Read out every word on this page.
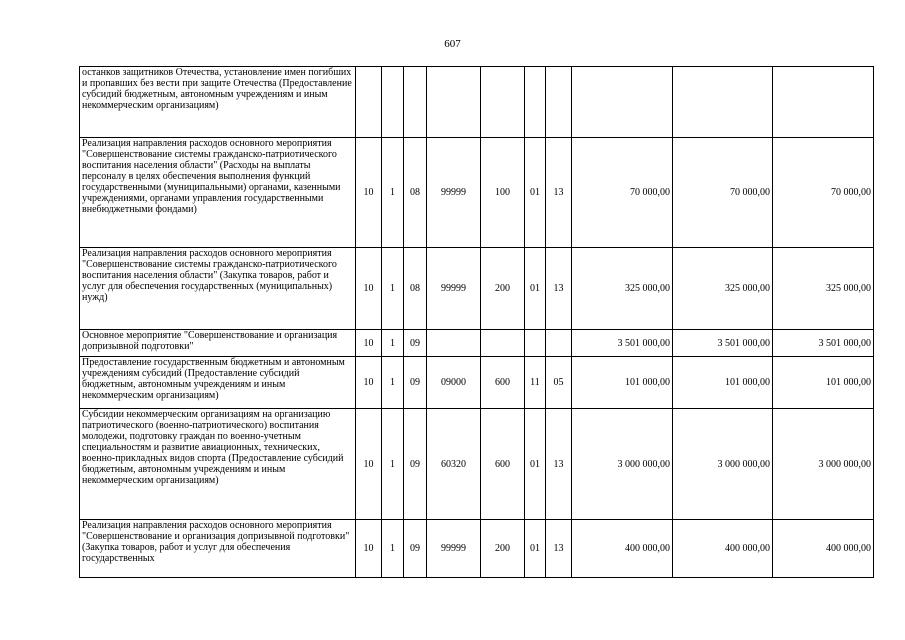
607
останков защитников Отечества, установление имен погибших и пропавших без вести при защите Отечества (Предоставление субсидий бюджетным, автономным учреждениям и иным некоммерческим организациям)										
Реализация направления расходов основного мероприятия "Совершенствование системы гражданско-патриотического воспитания населения области" (Расходы на выплаты персоналу в целях обеспечения выполнения функций государственными (муниципальными) органами, казенными учреждениями, органами управления государственными внебюджетными фондами)	10	1	08	99999	100	01	13	70 000,00	70 000,00	70 000,00
Реализация направления расходов основного мероприятия "Совершенствование системы гражданско-патриотического воспитания населения области" (Закупка товаров, работ и услуг для обеспечения государственных (муниципальных) нужд)	10	1	08	99999	200	01	13	325 000,00	325 000,00	325 000,00
Основное мероприятие "Совершенствование и организация допризывной подготовки"	10	1	09					3 501 000,00	3 501 000,00	3 501 000,00
Предоставление государственным бюджетным и автономным учреждениям субсидий (Предоставление субсидий бюджетным, автономным учреждениям и иным некоммерческим организациям)	10	1	09	09000	600	11	05	101 000,00	101 000,00	101 000,00
Субсидии некоммерческим организациям на организацию патриотического (военно-патриотического) воспитания молодежи, подготовку граждан по военно-учетным специальностям и развитие авиационных, технических, военно-прикладных видов спорта (Предоставление субсидий бюджетным, автономным учреждениям и иным некоммерческим организациям)	10	1	09	60320	600	01	13	3 000 000,00	3 000 000,00	3 000 000,00
Реализация направления расходов основного мероприятия "Совершенствование и организация допризывной подготовки" (Закупка товаров, работ и услуг для обеспечения государственных	10	1	09	99999	200	01	13	400 000,00	400 000,00	400 000,00
